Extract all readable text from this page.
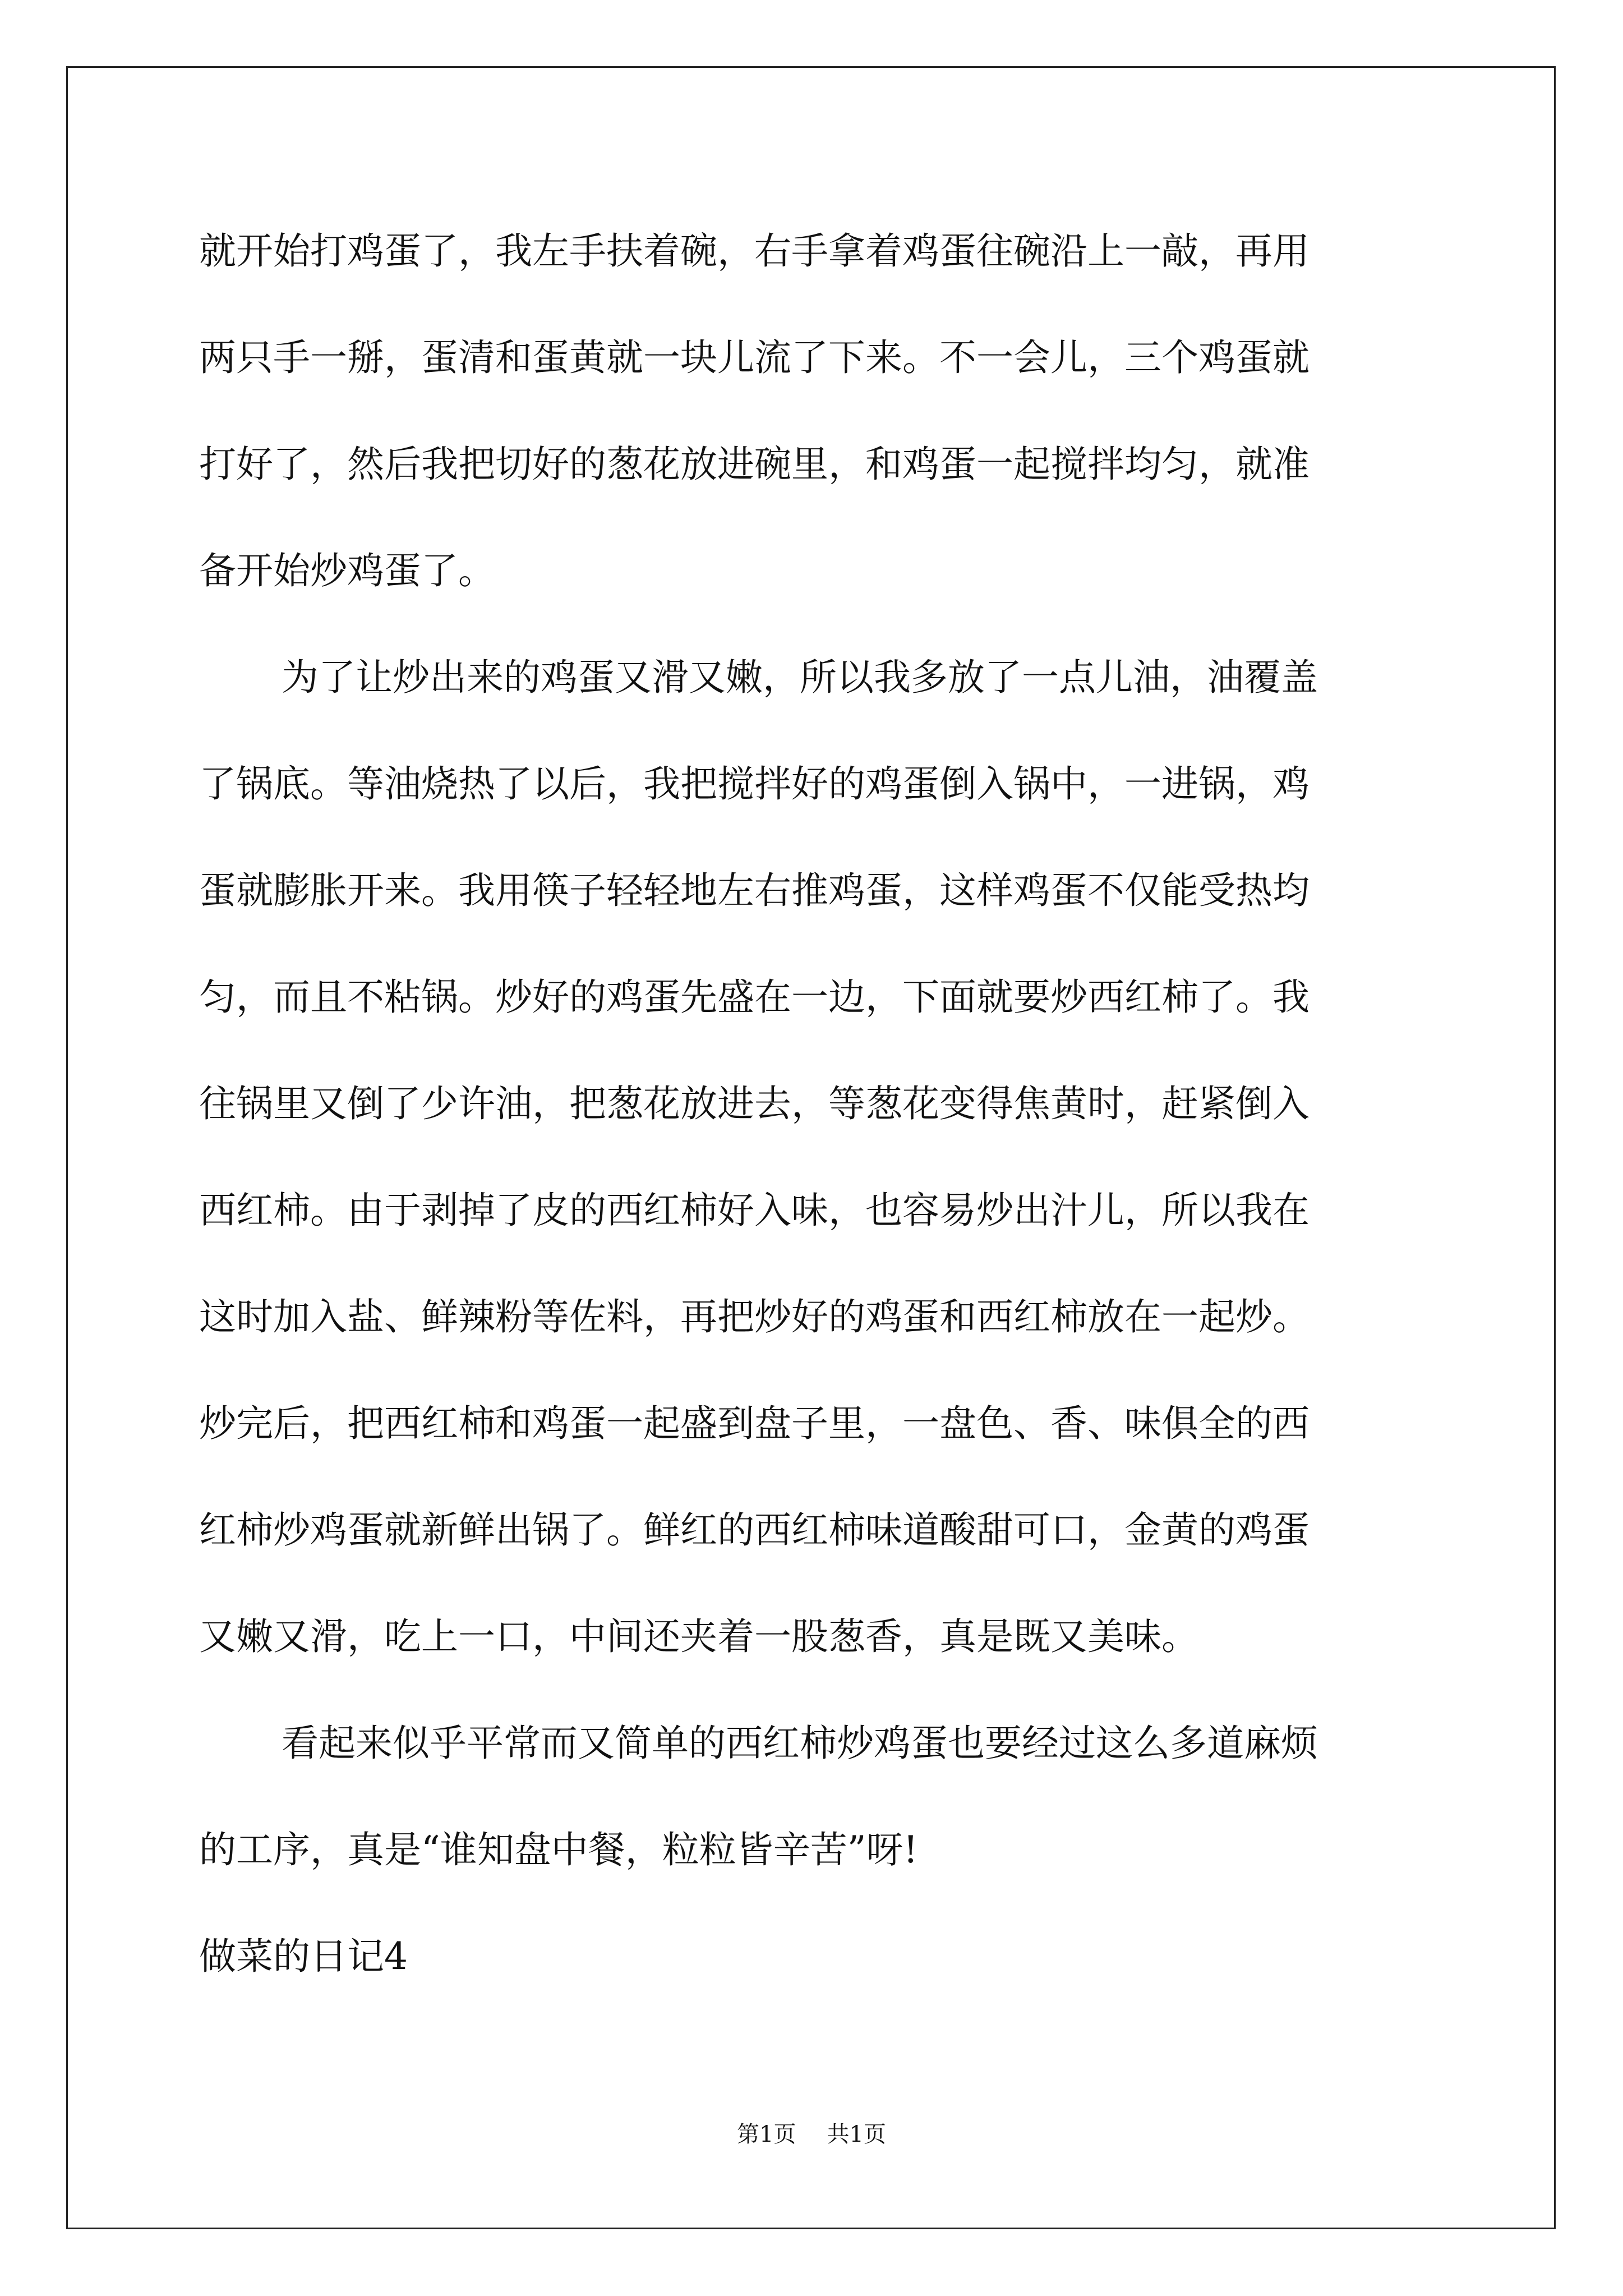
就开始打鸡蛋了，我左手扶着碗，右手拿着鸡蛋往碗沿上一敲，再用
两只手一掰，蛋清和蛋黄就一块儿流了下来。不一会儿，三个鸡蛋就
打好了，然后我把切好的葱花放进碗里，和鸡蛋一起搅拌均匀，就准
备开始炒鸡蛋了。
为了让炒出来的鸡蛋又滑又嫩，所以我多放了一点儿油，油覆盖
了锅底。等油烧热了以后，我把搅拌好的鸡蛋倒入锅中，一进锅，鸡
蛋就膨胀开来。我用筷子轻轻地左右推鸡蛋，这样鸡蛋不仅能受热均
匀，而且不粘锅。炒好的鸡蛋先盛在一边，下面就要炒西红柿了。我
往锅里又倒了少许油，把葱花放进去，等葱花变得焦黄时，赶紧倒入
西红柿。由于剥掉了皮的西红柿好入味，也容易炒出汁儿，所以我在
这时加入盐、鲜辣粉等佐料，再把炒好的鸡蛋和西红柿放在一起炒。
炒完后，把西红柿和鸡蛋一起盛到盘子里，一盘色、香、味俱全的西
红柿炒鸡蛋就新鲜出锅了。鲜红的西红柿味道酸甜可口，金黄的鸡蛋
又嫩又滑，吃上一口，中间还夹着一股葱香，真是既又美味。
看起来似乎平常而又简单的西红柿炒鸡蛋也要经过这么多道麻烦
的工序，真是“谁知盘中餐，粒粒皆辛苦”呀!
做菜的日记4
第1页 共1页
